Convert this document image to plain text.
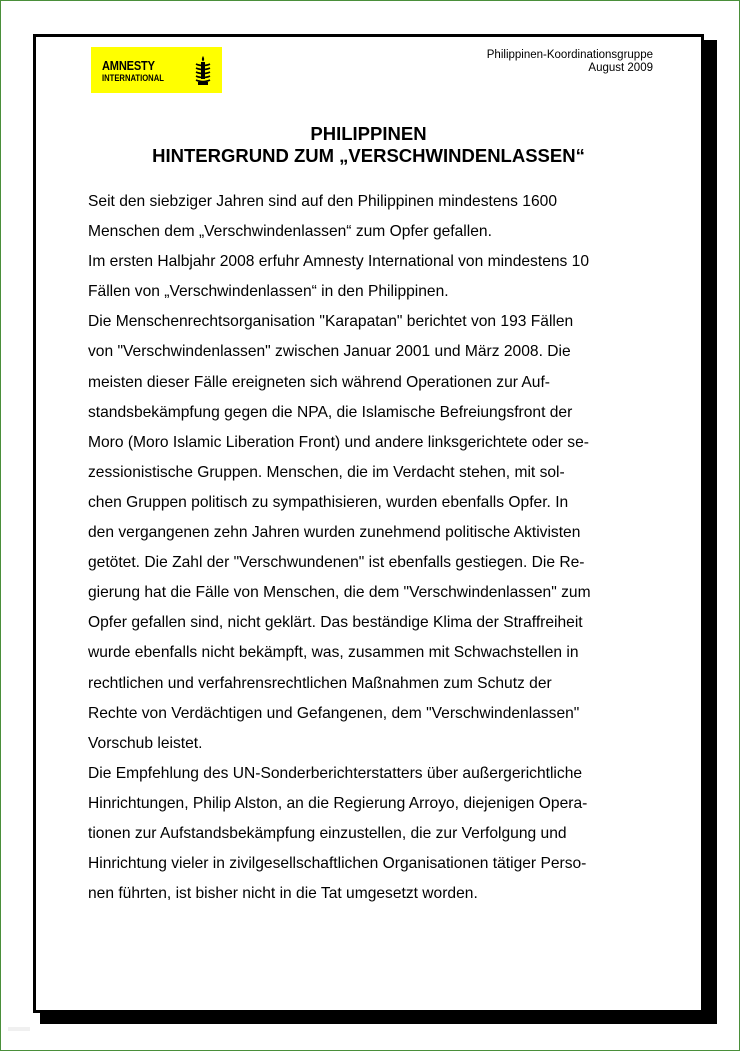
AMNESTY
INTERNATIONAL
Philippinen-Koordinationsgruppe
August 2009
PHILIPPINEN
HINTERGRUND ZUM „VERSCHWINDENLASSEN“
Seit den siebziger Jahren sind auf den Philippinen mindestens 1600
Menschen dem „Verschwindenlassen“ zum Opfer gefallen.
Im ersten Halbjahr 2008 erfuhr Amnesty International von mindestens 10
Fällen von „Verschwindenlassen“ in den Philippinen.
Die Menschenrechtsorganisation "Karapatan" berichtet von 193 Fällen
von "Verschwindenlassen" zwischen Januar 2001 und März 2008. Die
meisten dieser Fälle ereigneten sich während Operationen zur Auf-
standsbekämpfung gegen die NPA, die Islamische Befreiungsfront der
Moro (Moro Islamic Liberation Front) und andere linksgerichtete oder se-
zessionistische Gruppen. Menschen, die im Verdacht stehen, mit sol-
chen Gruppen politisch zu sympathisieren, wurden ebenfalls Opfer. In
den vergangenen zehn Jahren wurden zunehmend politische Aktivisten
getötet. Die Zahl der "Verschwundenen" ist ebenfalls gestiegen. Die Re-
gierung hat die Fälle von Menschen, die dem "Verschwindenlassen" zum
Opfer gefallen sind, nicht geklärt. Das beständige Klima der Straffreiheit
wurde ebenfalls nicht bekämpft, was, zusammen mit Schwachstellen in
rechtlichen und verfahrensrechtlichen Maßnahmen zum Schutz der
Rechte von Verdächtigen und Gefangenen, dem "Verschwindenlassen"
Vorschub leistet.
Die Empfehlung des UN-Sonderberichterstatters über außergerichtliche
Hinrichtungen, Philip Alston, an die Regierung Arroyo, diejenigen Opera-
tionen zur Aufstandsbekämpfung einzustellen, die zur Verfolgung und
Hinrichtung vieler in zivilgesellschaftlichen Organisationen tätiger Perso-
nen führten, ist bisher nicht in die Tat umgesetzt worden.
